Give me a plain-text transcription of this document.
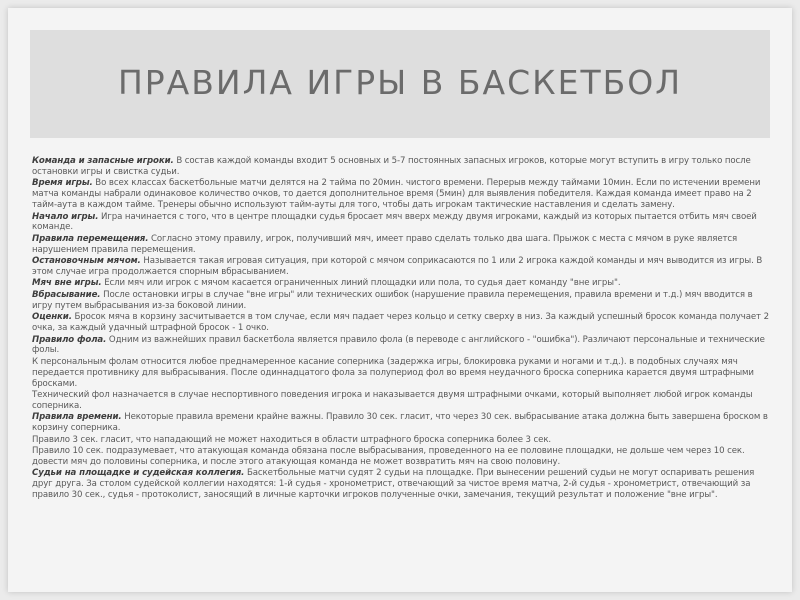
ПРАВИЛА ИГРЫ В БАСКЕТБОЛ

Команда и запасные игроки. В состав каждой команды входит 5 основных и 5-7 постоянных запасных игроков, которые могут вступить в игру только после остановки игры и свистка судьи.

Время игры. Во всех классах баскетбольные матчи делятся на 2 тайма по 20мин. чистого времени. Перерыв между таймами 10мин. Если по истечении времени матча команды набрали одинаковое количество очков, то дается дополнительное время (5мин) для выявления победителя. Каждая команда имеет право на 2 тайм-аута в каждом тайме. Тренеры обычно используют тайм-ауты для того, чтобы дать игрокам тактические наставления и сделать замену.

Начало игры. Игра начинается с того, что в центре площадки судья бросает мяч вверх между двумя игроками, каждый из которых пытается отбить мяч своей команде.

Правила перемещения. Согласно этому правилу, игрок, получивший мяч, имеет право сделать только два шага. Прыжок с места с мячом в руке является нарушением правила перемещения.

Остановочным мячом. Называется такая игровая ситуация, при которой с мячом соприкасаются по 1 или 2 игрока каждой команды и мяч выводится из игры. В этом случае игра продолжается спорным вбрасыванием.

Мяч вне игры. Если мяч или игрок с мячом касается ограниченных линий площадки или пола, то судья дает команду "вне игры".

Вбрасывание. После остановки игры в случае "вне игры" или технических ошибок (нарушение правила перемещения, правила времени и т.д.) мяч вводится в игру путем выбрасывания из-за боковой линии.

Оценки. Бросок мяча в корзину засчитывается в том случае, если мяч падает через кольцо и сетку сверху в низ. За каждый успешный бросок команда получает 2 очка, за каждый удачный штрафной бросок - 1 очко.

Правило фола. Одним из важнейших правил баскетбола является правило фола (в переводе с английского - "ошибка"). Различают персональные и технические фолы.

К персональным фолам относится любое преднамеренное касание соперника (задержка игры, блокировка руками и ногами и т.д.). в подобных случаях мяч передается противнику для выбрасывания. После одиннадцатого фола за полупериод фол во время неудачного броска соперника карается двумя штрафными бросками.

Технический фол назначается в случае неспортивного поведения игрока и наказывается двумя штрафными очками, который выполняет любой игрок команды соперника.

Правила времени. Некоторые правила времени крайне важны. Правило 30 сек. гласит, что через 30 сек. выбрасывание атака должна быть завершена броском в корзину соперника.

Правило 3 сек. гласит, что нападающий не может находиться в области штрафного броска соперника более 3 сек.

Правило 10 сек. подразумевает, что атакующая команда обязана после выбрасывания, проведенного на ее половине площадки, не дольше чем через 10 сек. довести мяч до половины соперника, и после этого атакующая команда не может возвратить мяч на свою половину.

Судьи на площадке и судейская коллегия. Баскетбольные матчи судят 2 судьи на площадке. При вынесении решений судьи не могут оспаривать решения друг друга. За столом судейской коллегии находятся: 1-й судья - хронометрист, отвечающий за чистое время матча, 2-й судья - хронометрист, отвечающий за правило 30 сек., судья - протоколист, заносящий в личные карточки игроков полученные очки, замечания, текущий результат и положение "вне игры".
